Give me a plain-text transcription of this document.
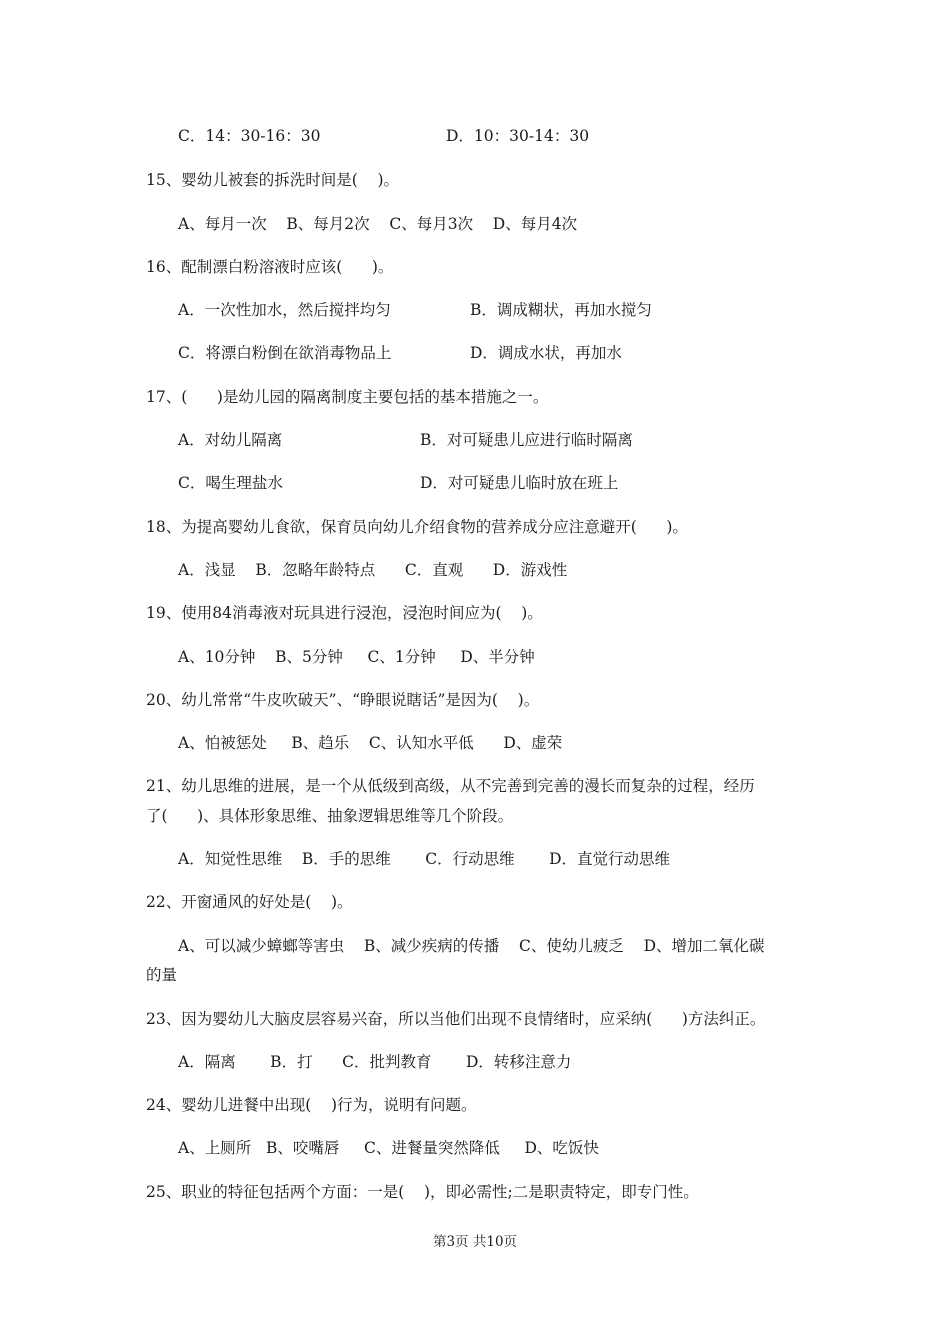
C．14：30-16：30	D．10：30-14：30
15、婴幼儿被套的拆洗时间是(    )。
A、每月一次    B、每月2次    C、每月3次    D、每月4次
16、配制漂白粉溶液时应该(      )。
A．一次性加水，然后搅拌均匀	B．调成糊状，再加水搅匀
C．将漂白粉倒在欲消毒物品上	D．调成水状，再加水
17、(      )是幼儿园的隔离制度主要包括的基本措施之一。
A．对幼儿隔离	B．对可疑患儿应进行临时隔离
C．喝生理盐水	D．对可疑患儿临时放在班上
18、为提高婴幼儿食欲，保育员向幼儿介绍食物的营养成分应注意避开(      )。
A．浅显    B．忽略年龄特点      C．直观      D．游戏性
19、使用84消毒液对玩具进行浸泡，浸泡时间应为(    )。
A、10分钟    B、5分钟     C、1分钟     D、半分钟
20、幼儿常常“牛皮吹破天”、“睁眼说瞎话”是因为(    )。
A、怕被惩处     B、趋乐    C、认知水平低      D、虚荣
21、幼儿思维的进展，是一个从低级到高级，从不完善到完善的漫长而复杂的过程，经历
了(      )、具体形象思维、抽象逻辑思维等几个阶段。
A．知觉性思维    B．手的思维       C．行动思维       D．直觉行动思维
22、开窗通风的好处是(    )。
A、可以减少蟑螂等害虫    B、减少疾病的传播    C、使幼儿疲乏    D、增加二氧化碳
的量
23、因为婴幼儿大脑皮层容易兴奋，所以当他们出现不良情绪时，应采纳(      )方法纠正。
A．隔离       B．打      C．批判教育       D．转移注意力
24、婴幼儿进餐中出现(    )行为，说明有问题。
A、上厕所   B、咬嘴唇     C、进餐量突然降低     D、吃饭快
25、职业的特征包括两个方面：一是(    )，即必需性;二是职责特定，即专门性。
第3页 共10页
